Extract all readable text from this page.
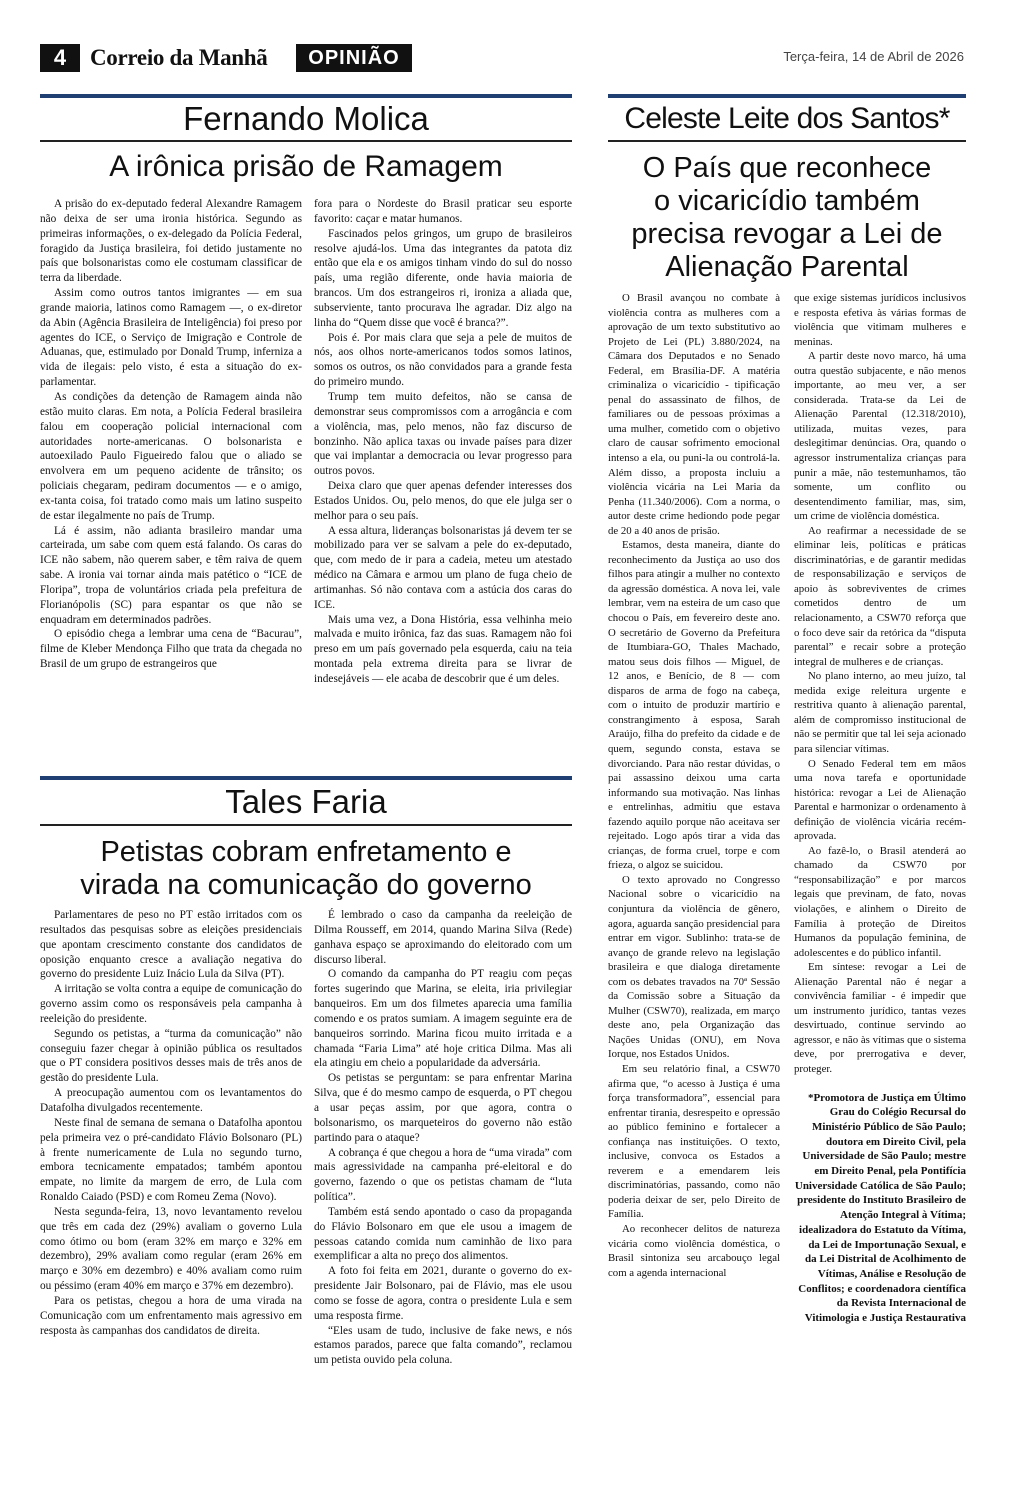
4	Correio da Manhã	OPINIÃO	Terça-feira, 14 de Abril de 2026
Fernando Molica
A irônica prisão de Ramagem

A prisão do ex-deputado federal Alexandre Ramagem não deixa de ser uma ironia histórica. Segundo as primeiras informações, o ex-delegado da Polícia Federal, foragido da Justiça brasileira, foi detido justamente no país que bolsonaristas como ele costumam classificar de terra da liberdade.

Assim como outros tantos imigrantes — em sua grande maioria, latinos como Ramagem —, o ex-diretor da Abin (Agência Brasileira de Inteligência) foi preso por agentes do ICE, o Serviço de Imigração e Controle de Aduanas, que, estimulado por Donald Trump, inferniza a vida de ilegais: pelo visto, é esta a situação do ex-parlamentar.

As condições da detenção de Ramagem ainda não estão muito claras. Em nota, a Polícia Federal brasileira falou em cooperação policial internacional com autoridades norte-americanas. O bolsonarista e autoexilado Paulo Figueiredo falou que o aliado se envolvera em um pequeno acidente de trânsito; os policiais chegaram, pediram documentos — e o amigo, ex-tanta coisa, foi tratado como mais um latino suspeito de estar ilegalmente no país de Trump.

Lá é assim, não adianta brasileiro mandar uma carteirada, um sabe com quem está falando. Os caras do ICE não sabem, não querem saber, e têm raiva de quem sabe. A ironia vai tornar ainda mais patético o “ICE de Floripa”, tropa de voluntários criada pela prefeitura de Florianópolis (SC) para espantar os que não se enquadram em determinados padrões.

O episódio chega a lembrar uma cena de “Bacurau”, filme de Kleber Mendonça Filho que trata da chegada no Brasil de um grupo de estrangeiros que

fora para o Nordeste do Brasil praticar seu esporte favorito: caçar e matar humanos.

Fascinados pelos gringos, um grupo de brasileiros resolve ajudá-los. Uma das integrantes da patota diz então que ela e os amigos tinham vindo do sul do nosso país, uma região diferente, onde havia maioria de brancos. Um dos estrangeiros ri, ironiza a aliada que, subserviente, tanto procurava lhe agradar. Diz algo na linha do “Quem disse que você é branca?”.

Pois é. Por mais clara que seja a pele de muitos de nós, aos olhos norte-americanos todos somos latinos, somos os outros, os não convidados para a grande festa do primeiro mundo.

Trump tem muito defeitos, não se cansa de demonstrar seus compromissos com a arrogância e com a violência, mas, pelo menos, não faz discurso de bonzinho. Não aplica taxas ou invade países para dizer que vai implantar a democracia ou levar progresso para outros povos.

Deixa claro que quer apenas defender interesses dos Estados Unidos. Ou, pelo menos, do que ele julga ser o melhor para o seu país.

A essa altura, lideranças bolsonaristas já devem ter se mobilizado para ver se salvam a pele do ex-deputado, que, com medo de ir para a cadeia, meteu um atestado médico na Câmara e armou um plano de fuga cheio de artimanhas. Só não contava com a astúcia dos caras do ICE.

Mais uma vez, a Dona História, essa velhinha meio malvada e muito irônica, faz das suas. Ramagem não foi preso em um país governado pela esquerda, caiu na teia montada pela extrema direita para se livrar de indesejáveis — ele acaba de descobrir que é um deles.

Tales Faria
Petistas cobram enfretamento e
virada na comunicação do governo

Parlamentares de peso no PT estão irritados com os resultados das pesquisas sobre as eleições presidenciais que apontam crescimento constante dos candidatos de oposição enquanto cresce a avaliação negativa do governo do presidente Luiz Inácio Lula da Silva (PT).

A irritação se volta contra a equipe de comunicação do governo assim como os responsáveis pela campanha à reeleição do presidente.

Segundo os petistas, a “turma da comunicação” não conseguiu fazer chegar à opinião pública os resultados que o PT considera positivos desses mais de três anos de gestão do presidente Lula.

A preocupação aumentou com os levantamentos do Datafolha divulgados recentemente.

Neste final de semana de semana o Datafolha apontou pela primeira vez o pré-candidato Flávio Bolsonaro (PL) à frente numericamente de Lula no segundo turno, embora tecnicamente empatados; também apontou empate, no limite da margem de erro, de Lula com Ronaldo Caiado (PSD) e com Romeu Zema (Novo).

Nesta segunda-feira, 13, novo levantamento revelou que três em cada dez (29%) avaliam o governo Lula como ótimo ou bom (eram 32% em março e 32% em dezembro), 29% avaliam como regular (eram 26% em março e 30% em dezembro) e 40% avaliam como ruim ou péssimo (eram 40% em março e 37% em dezembro).

Para os petistas, chegou a hora de uma virada na Comunicação com um enfrentamento mais agressivo em resposta às campanhas dos candidatos de direita.

É lembrado o caso da campanha da reeleição de Dilma Rousseff, em 2014, quando Marina Silva (Rede) ganhava espaço se aproximando do eleitorado com um discurso liberal.

O comando da campanha do PT reagiu com peças fortes sugerindo que Marina, se eleita, iria privilegiar banqueiros. Em um dos filmetes aparecia uma família comendo e os pratos sumiam. A imagem seguinte era de banqueiros sorrindo. Marina ficou muito irritada e a chamada “Faria Lima” até hoje critica Dilma. Mas ali ela atingiu em cheio a popularidade da adversária.

Os petistas se perguntam: se para enfrentar Marina Silva, que é do mesmo campo de esquerda, o PT chegou a usar peças assim, por que agora, contra o bolsonarismo, os marqueteiros do governo não estão partindo para o ataque?

A cobrança é que chegou a hora de “uma virada” com mais agressividade na campanha pré-eleitoral e do governo, fazendo o que os petistas chamam de “luta política”.

Também está sendo apontado o caso da propaganda do Flávio Bolsonaro em que ele usou a imagem de pessoas catando comida num caminhão de lixo para exemplificar a alta no preço dos alimentos.

A foto foi feita em 2021, durante o governo do ex-presidente Jair Bolsonaro, pai de Flávio, mas ele usou como se fosse de agora, contra o presidente Lula e sem uma resposta firme.

“Eles usam de tudo, inclusive de fake news, e nós estamos parados, parece que falta comando”, reclamou um petista ouvido pela coluna.

Celeste Leite dos Santos*
O País que reconhece
o vicaricídio também
precisa revogar a Lei de
Alienação Parental

O Brasil avançou no combate à violência contra as mulheres com a aprovação de um texto substitutivo ao Projeto de Lei (PL) 3.880/2024, na Câmara dos Deputados e no Senado Federal, em Brasília-DF. A matéria criminaliza o vicaricídio - tipificação penal do assassinato de filhos, de familiares ou de pessoas próximas a uma mulher, cometido com o objetivo claro de causar sofrimento emocional intenso a ela, ou puni-la ou controlá-la. Além disso, a proposta incluiu a violência vicária na Lei Maria da Penha (11.340/2006). Com a norma, o autor deste crime hediondo pode pegar de 20 a 40 anos de prisão.

Estamos, desta maneira, diante do reconhecimento da Justiça ao uso dos filhos para atingir a mulher no contexto da agressão doméstica. A nova lei, vale lembrar, vem na esteira de um caso que chocou o País, em fevereiro deste ano. O secretário de Governo da Prefeitura de Itumbiara-GO, Thales Machado, matou seus dois filhos — Miguel, de 12 anos, e Benício, de 8 — com disparos de arma de fogo na cabeça, com o intuito de produzir martírio e constrangimento à esposa, Sarah Araújo, filha do prefeito da cidade e de quem, segundo consta, estava se divorciando. Para não restar dúvidas, o pai assassino deixou uma carta informando sua motivação. Nas linhas e entrelinhas, admitiu que estava fazendo aquilo porque não aceitava ser rejeitado. Logo após tirar a vida das crianças, de forma cruel, torpe e com frieza, o algoz se suicidou.

O texto aprovado no Congresso Nacional sobre o vicaricídio na conjuntura da violência de gênero, agora, aguarda sanção presidencial para entrar em vigor. Sublinho: trata-se de avanço de grande relevo na legislação brasileira e que dialoga diretamente com os debates travados na 70ª Sessão da Comissão sobre a Situação da Mulher (CSW70), realizada, em março deste ano, pela Organização das Nações Unidas (ONU), em Nova Iorque, nos Estados Unidos.

Em seu relatório final, a CSW70 afirma que, “o acesso à Justiça é uma força transformadora”, essencial para enfrentar tirania, desrespeito e opressão ao público feminino e fortalecer a confiança nas instituições. O texto, inclusive, convoca os Estados a reverem e a emendarem leis discriminatórias, passando, como não poderia deixar de ser, pelo Direito de Família.

Ao reconhecer delitos de natureza vicária como violência doméstica, o Brasil sintoniza seu arcabouço legal com a agenda internacional

que exige sistemas jurídicos inclusivos e resposta efetiva às várias formas de violência que vitimam mulheres e meninas.

A partir deste novo marco, há uma outra questão subjacente, e não menos importante, ao meu ver, a ser considerada. Trata-se da Lei de Alienação Parental (12.318/2010), utilizada, muitas vezes, para deslegitimar denúncias. Ora, quando o agressor instrumentaliza crianças para punir a mãe, não testemunhamos, tão somente, um conflito ou desentendimento familiar, mas, sim, um crime de violência doméstica.

Ao reafirmar a necessidade de se eliminar leis, políticas e práticas discriminatórias, e de garantir medidas de responsabilização e serviços de apoio às sobreviventes de crimes cometidos dentro de um relacionamento, a CSW70 reforça que o foco deve sair da retórica da “disputa parental” e recair sobre a proteção integral de mulheres e de crianças.

No plano interno, ao meu juízo, tal medida exige releitura urgente e restritiva quanto à alienação parental, além de compromisso institucional de não se permitir que tal lei seja acionado para silenciar vítimas.

O Senado Federal tem em mãos uma nova tarefa e oportunidade histórica: revogar a Lei de Alienação Parental e harmonizar o ordenamento à definição de violência vicária recém-aprovada.

Ao fazê-lo, o Brasil atenderá ao chamado da CSW70 por “responsabilização” e por marcos legais que previnam, de fato, novas violações, e alinhem o Direito de Família à proteção de Direitos Humanos da população feminina, de adolescentes e do público infantil.

Em síntese: revogar a Lei de Alienação Parental não é negar a convivência familiar - é impedir que um instrumento jurídico, tantas vezes desvirtuado, continue servindo ao agressor, e não às vítimas que o sistema deve, por prerrogativa e dever, proteger.

*Promotora de Justiça em Último Grau do Colégio Recursal do Ministério Público de São Paulo; doutora em Direito Civil, pela Universidade de São Paulo; mestre em Direito Penal, pela Pontifícia Universidade Católica de São Paulo; presidente do Instituto Brasileiro de Atenção Integral à Vítima; idealizadora do Estatuto da Vítima, da Lei de Importunação Sexual, e da Lei Distrital de Acolhimento de Vítimas, Análise e Resolução de Conflitos; e coordenadora científica da Revista Internacional de Vitimologia e Justiça Restaurativa
